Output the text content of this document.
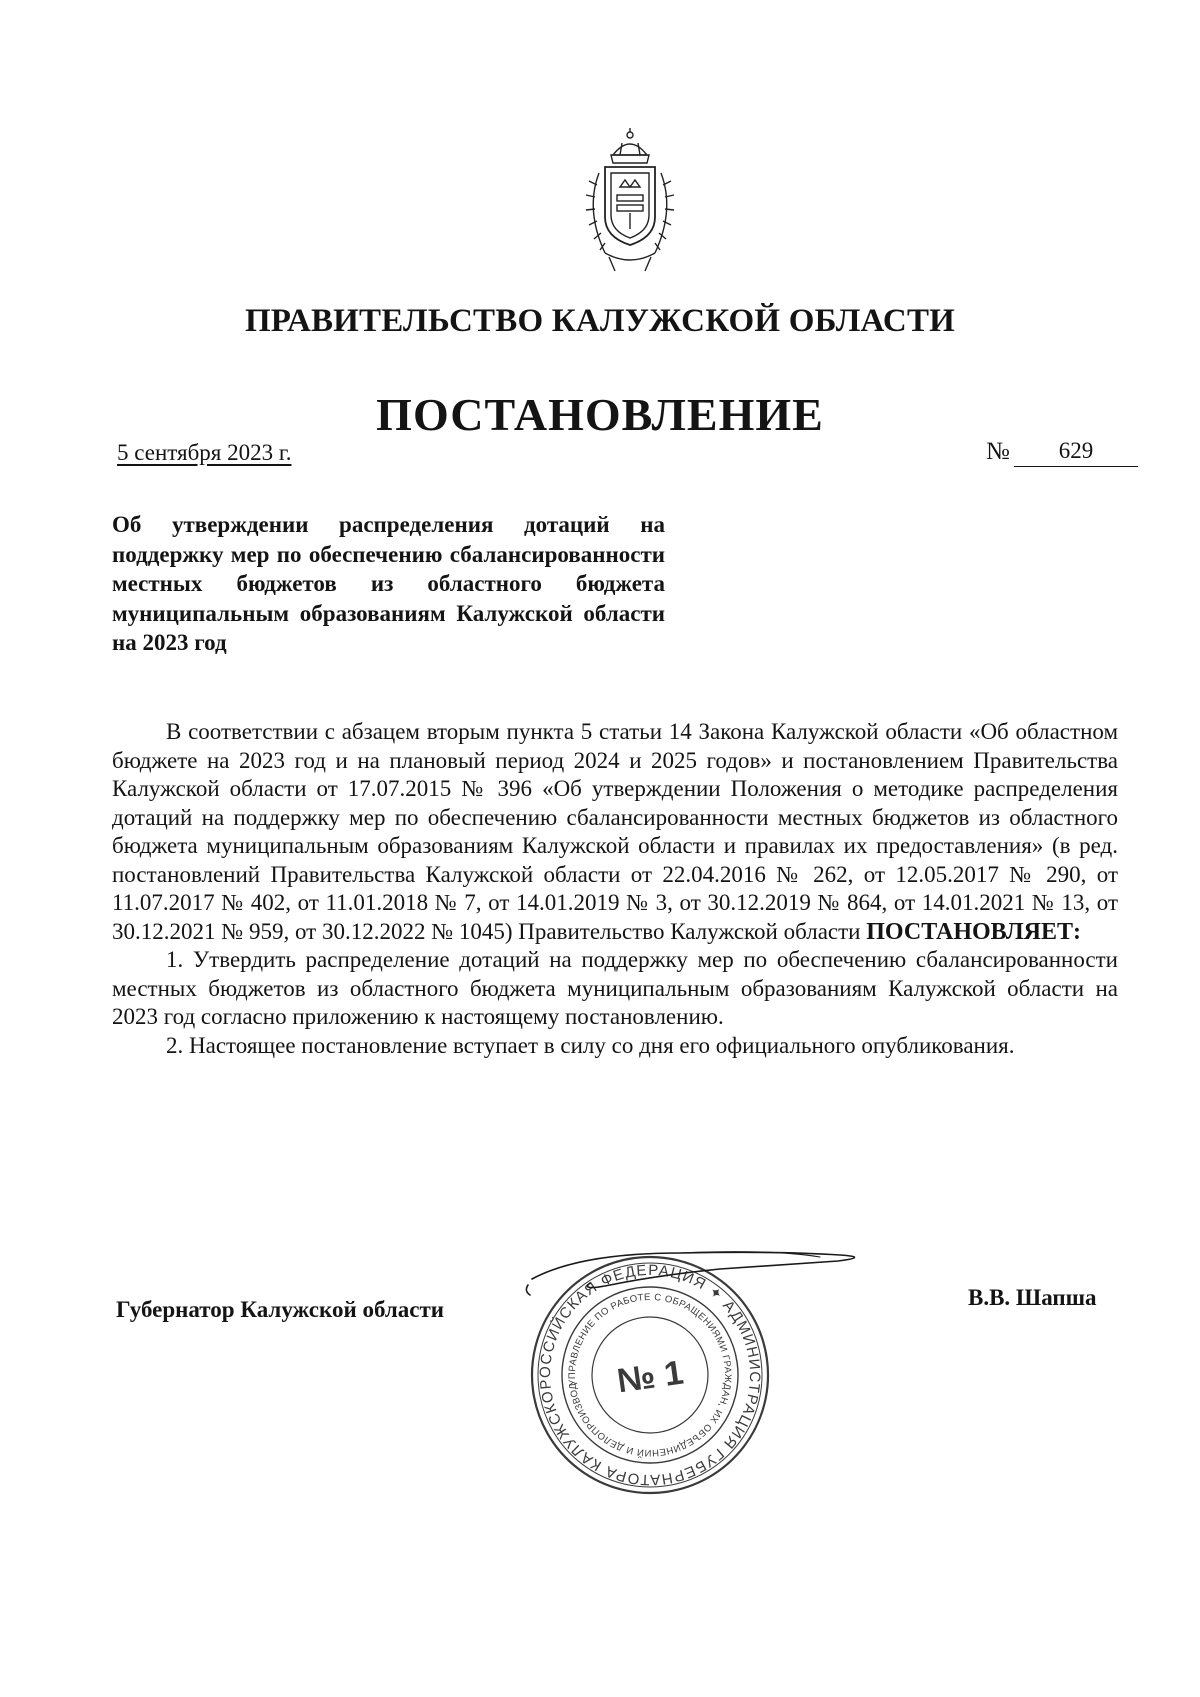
ПРАВИТЕЛЬСТВО КАЛУЖСКОЙ ОБЛАСТИ
ПОСТАНОВЛЕНИЕ
5 сентября 2023 г.	№	629
Об утверждении распределения дотаций на поддержку мер по обеспечению сбалансированности местных бюджетов из областного бюджета муниципальным образованиям Калужской области на 2023 год

В соответствии с абзацем вторым пункта 5 статьи 14 Закона Калужской области «Об областном бюджете на 2023 год и на плановый период 2024 и 2025 годов» и постановлением Правительства Калужской области от 17.07.2015 № 396 «Об утверждении Положения о методике распределения дотаций на поддержку мер по обеспечению сбалансированности местных бюджетов из областного бюджета муниципальным образованиям Калужской области и правилах их предоставления» (в ред. постановлений Правительства Калужской области от 22.04.2016 № 262, от 12.05.2017 № 290, от 11.07.2017 № 402, от 11.01.2018 № 7, от 14.01.2019 № 3, от 30.12.2019 № 864, от 14.01.2021 № 13, от 30.12.2021 № 959, от 30.12.2022 № 1045) Правительство Калужской области ПОСТАНОВЛЯЕТ:

1. Утвердить распределение дотаций на поддержку мер по обеспечению сбалансированности местных бюджетов из областного бюджета муниципальным образованиям Калужской области на 2023 год согласно приложению к настоящему постановлению.

2. Настоящее постановление вступает в силу со дня его официального опубликования.

Губернатор Калужской области	В.В. Шапша
РОССИЙСКАЯ ФЕДЕРАЦИЯ ✦ АДМИНИСТРАЦИЯ ГУБЕРНАТОРА КАЛУЖСКОЙ
УПРАВЛЕНИЕ ПО РАБОТЕ С ОБРАЩЕНИЯМИ ГРАЖДАН, ИХ ОБЪЕДИНЕНИЙ И ДЕЛОПРОИЗВОДСТВУ
№ 1
